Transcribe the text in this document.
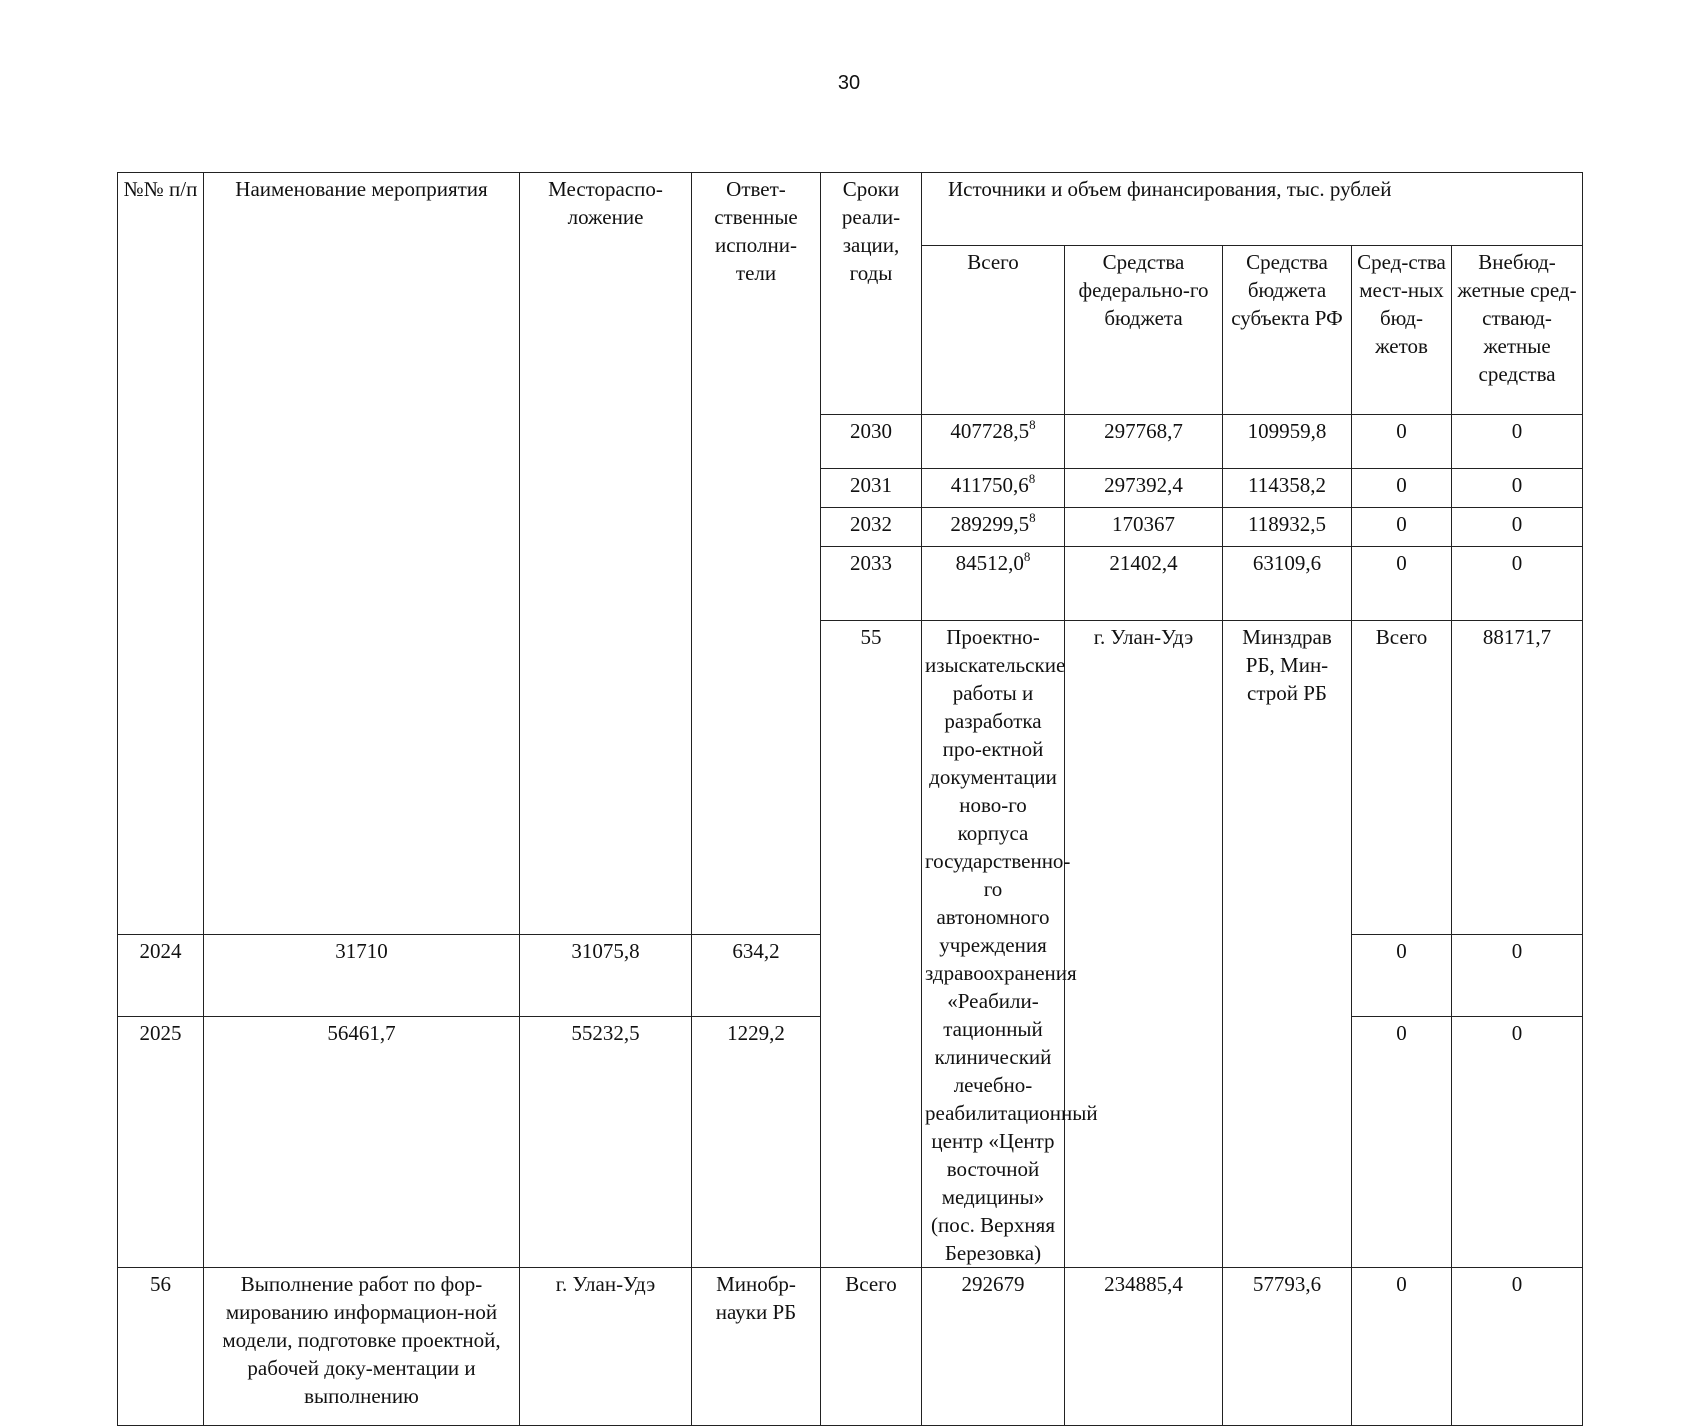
30
№№ п/п	Наименование мероприятия	Местораспо-ложение	Ответ-ственные исполни-тели	Сроки реали-зации, годы	Источники и объем финансирования, тыс. рублей					
					Всего	Средства федерально-го бюджета	Средства бюджета субъекта РФ	Сред-ства мест-ных бюд-жетов	Внебюд-жетные сред-стваюд-жетные средства	
				2030	407728,5$^8$	297768,7	109959,8	0	0	
				2031	411750,6$^8$	297392,4	114358,2	0	0	
				2032	289299,5$^8$	170367	118932,5	0	0	
				2033	84512,0$^8$	21402,4	63109,6	0	0	
				55	Проектно-изыскательские работы и разработка про-ектной документации ново-го корпуса государственно-го автономного учреждения здравоохранения «Реабили-тационный клинический лечебно-реабилитационный центр «Центр восточной медицины» (пос. Верхняя Березовка)	г. Улан-Удэ	Минздрав РБ, Мин-строй РБ	Всего	88171,7				
2024	31710	31075,8	634,2					0	0	
2025	56461,7	55232,5	1229,2					0	0	
56	Выполнение работ по фор-мированию информацион-ной модели, подготовке проектной, рабочей доку-ментации и выполнению	г. Улан-Удэ	Минобр-науки РБ	Всего	292679	234885,4	57793,6	0	0	
